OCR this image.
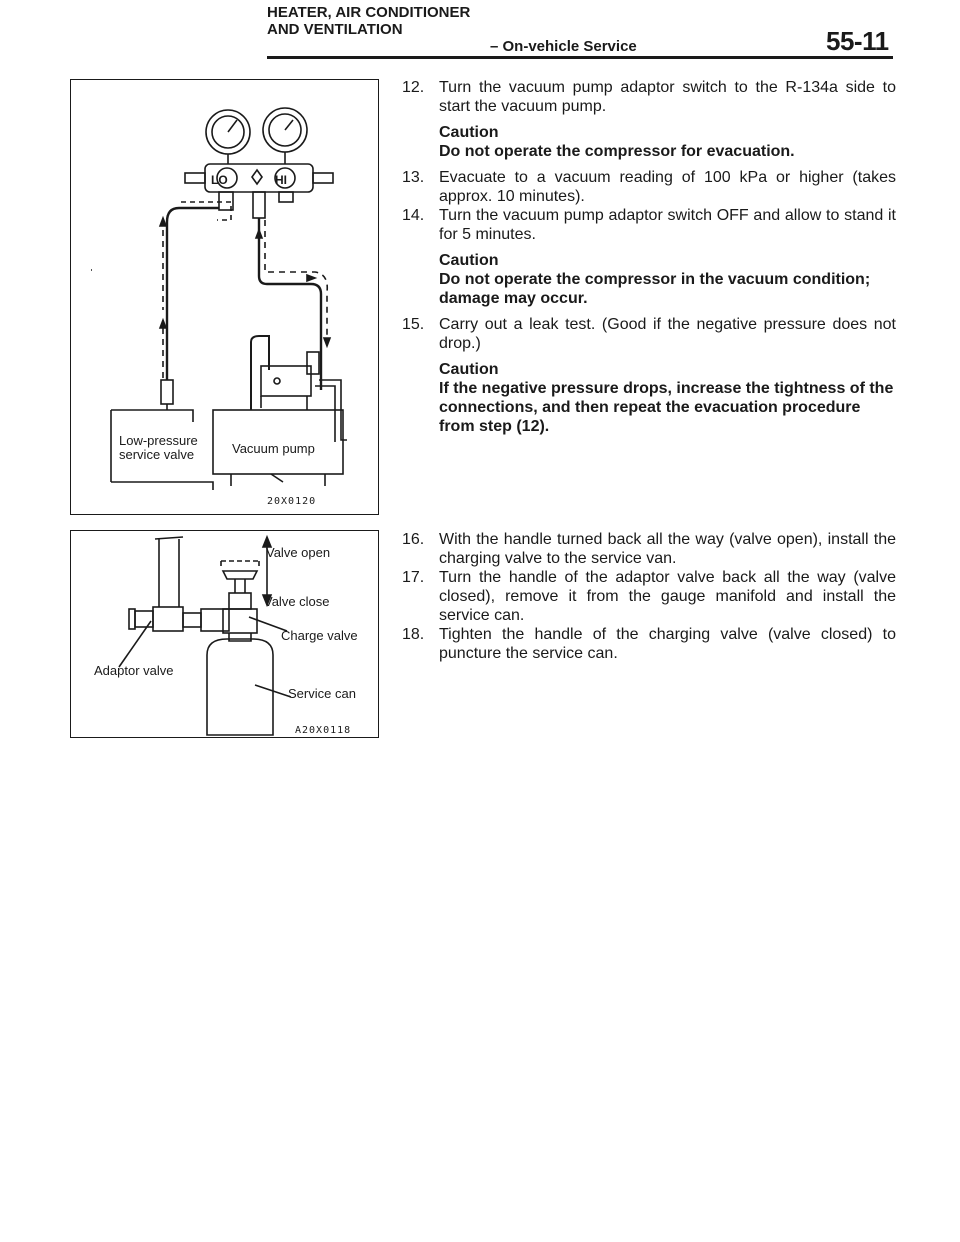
HEATER, AIR CONDITIONER
AND VENTILATION
– On-vehicle Service	55-11
Low-pressure
service valve	Vacuum pump
LO	HI
20X0120
Valve open
Valve close
Charge valve
Adaptor valve
Service can
A20X0118
12. Turn the vacuum pump adaptor switch to the R-134a side to start the vacuum pump.
Caution
Do not operate the compressor for evacuation.
13. Evacuate to a vacuum reading of 100 kPa or higher (takes approx. 10 minutes).
14. Turn the vacuum pump adaptor switch OFF and allow to stand it for 5 minutes.
Caution
Do not operate the compressor in the vacuum condition; damage may occur.
15. Carry out a leak test. (Good if the negative pressure does not drop.)
Caution
If the negative pressure drops, increase the tightness of the connections, and then repeat the evacuation procedure from step (12).
16. With the handle turned back all the way (valve open), install the charging valve to the service van.
17. Turn the handle of the adaptor valve back all the way (valve closed), remove it from the gauge manifold and install the service can.
18. Tighten the handle of the charging valve (valve closed) to puncture the service can.
